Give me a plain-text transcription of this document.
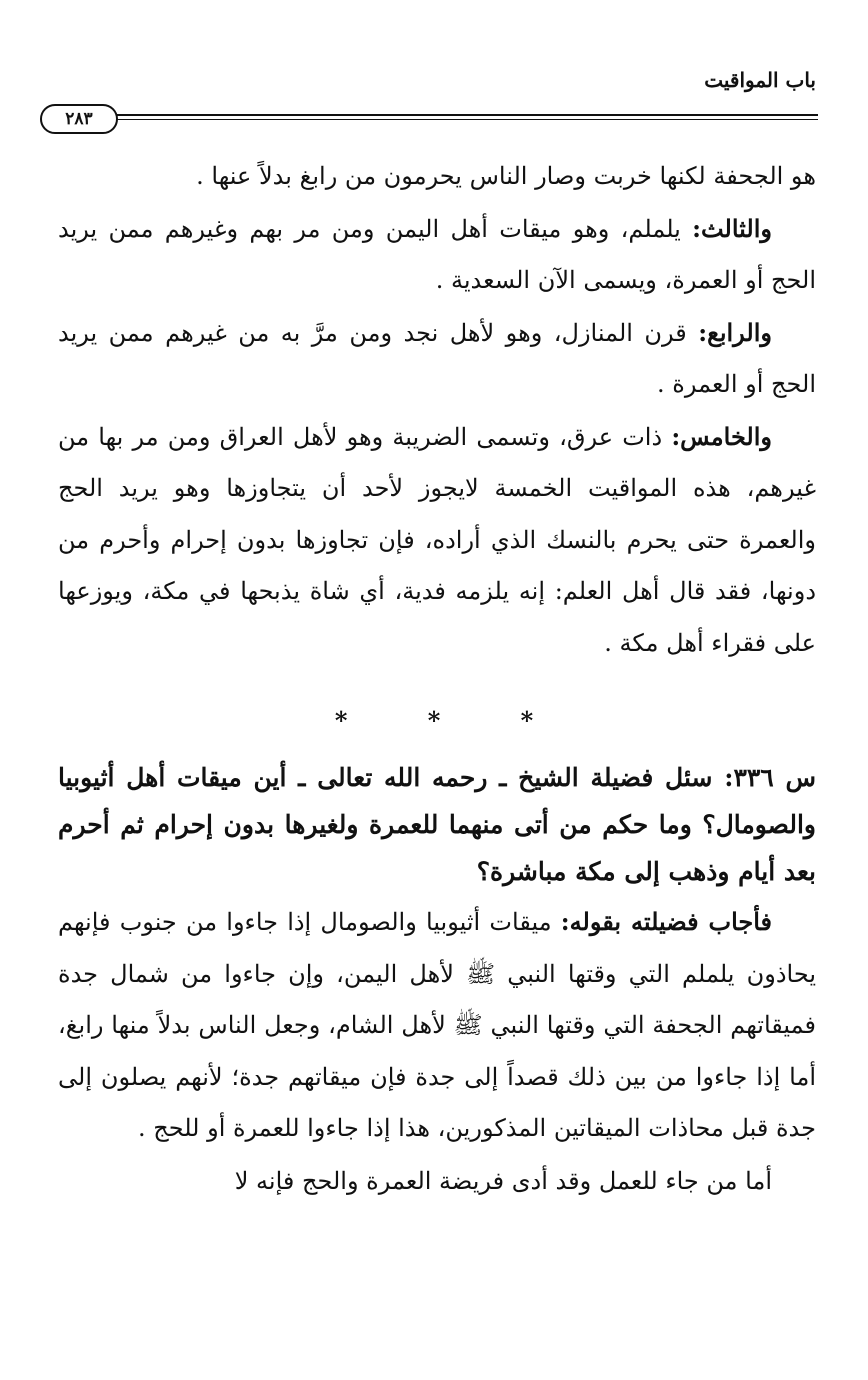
باب المواقيت
٢٨٣

هو الجحفة لكنها خربت وصار الناس يحرمون من رابغ بدلاً عنها .

والثالث: يلملم، وهو ميقات أهل اليمن ومن مر بهم وغيرهم ممن يريد الحج أو العمرة، ويسمى الآن السعدية .

والرابع: قرن المنازل، وهو لأهل نجد ومن مرَّ به من غيرهم ممن يريد الحج أو العمرة .

والخامس: ذات عرق، وتسمى الضريبة وهو لأهل العراق ومن مر بها من غيرهم، هذه المواقيت الخمسة لايجوز لأحد أن يتجاوزها وهو يريد الحج والعمرة حتى يحرم بالنسك الذي أراده، فإن تجاوزها بدون إحرام وأحرم من دونها، فقد قال أهل العلم: إنه يلزمه فدية، أي شاة يذبحها في مكة، ويوزعها على فقراء أهل مكة .

* * *

س ٣٣٦: سئل فضيلة الشيخ ـ رحمه الله تعالى ـ أين ميقات أهل أثيوبيا والصومال؟ وما حكم من أتى منهما للعمرة ولغيرها بدون إحرام ثم أحرم بعد أيام وذهب إلى مكة مباشرة؟

فأجاب فضيلته بقوله: ميقات أثيوبيا والصومال إذا جاءوا من جنوب فإنهم يحاذون يلملم التي وقتها النبي ﷺ لأهل اليمن، وإن جاءوا من شمال جدة فميقاتهم الجحفة التي وقتها النبي ﷺ لأهل الشام، وجعل الناس بدلاً منها رابغ، أما إذا جاءوا من بين ذلك قصداً إلى جدة فإن ميقاتهم جدة؛ لأنهم يصلون إلى جدة قبل محاذات الميقاتين المذكورين، هذا إذا جاءوا للعمرة أو للحج .

أما من جاء للعمل وقد أدى فريضة العمرة والحج فإنه لا
